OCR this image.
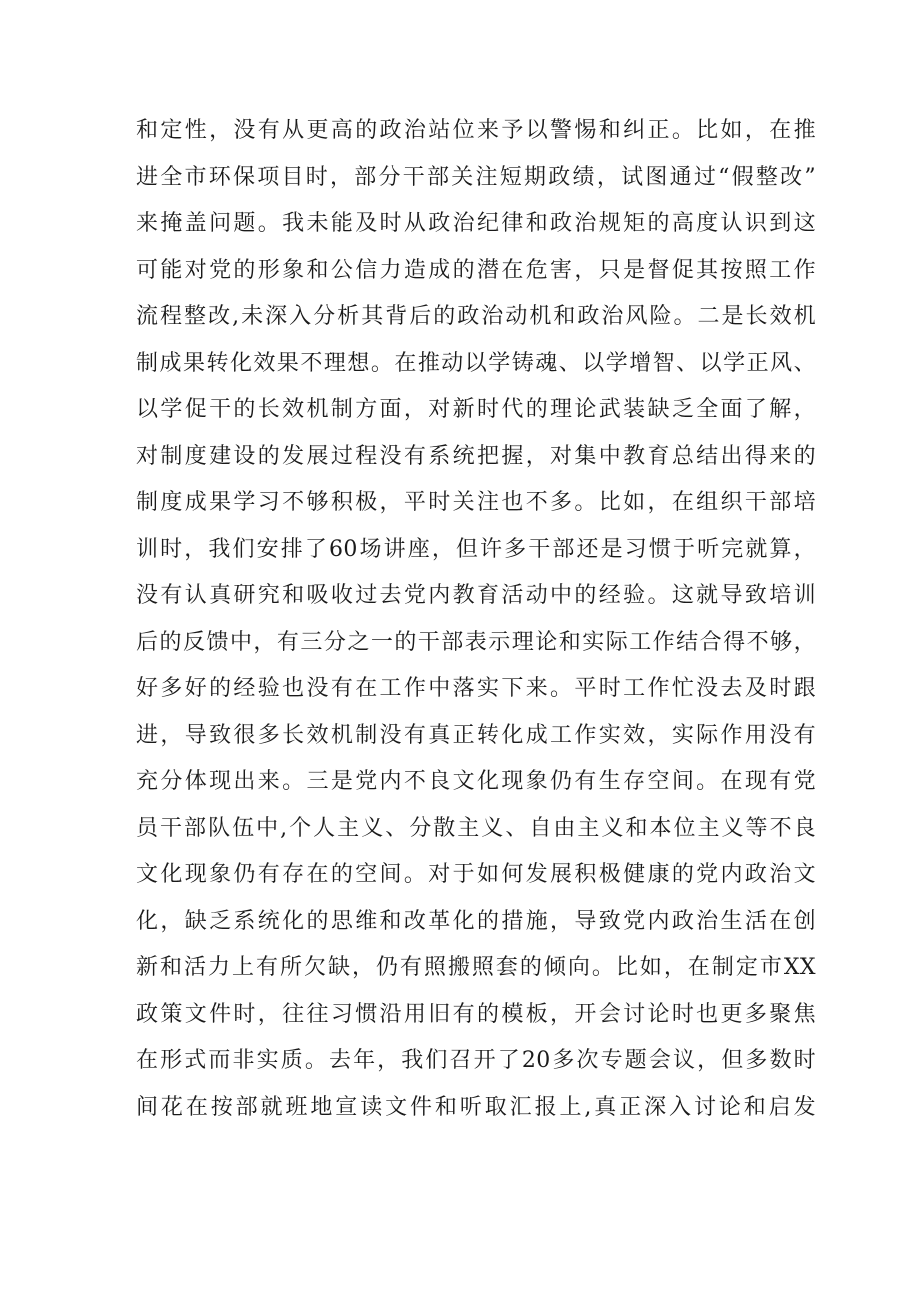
和定性，没有从更高的政治站位来予以警惕和纠正。比如，在推
进全市环保项目时，部分干部关注短期政绩，试图通过“假整改”
来掩盖问题。我未能及时从政治纪律和政治规矩的高度认识到这
可能对党的形象和公信力造成的潜在危害，只是督促其按照工作
流程整改,未深入分析其背后的政治动机和政治风险。二是长效机
制成果转化效果不理想。在推动以学铸魂、以学增智、以学正风、
以学促干的长效机制方面，对新时代的理论武装缺乏全面了解，
对制度建设的发展过程没有系统把握，对集中教育总结出得来的
制度成果学习不够积极，平时关注也不多。比如，在组织干部培
训时，我们安排了60场讲座，但许多干部还是习惯于听完就算，
没有认真研究和吸收过去党内教育活动中的经验。这就导致培训
后的反馈中，有三分之一的干部表示理论和实际工作结合得不够，
好多好的经验也没有在工作中落实下来。平时工作忙没去及时跟
进，导致很多长效机制没有真正转化成工作实效，实际作用没有
充分体现出来。三是党内不良文化现象仍有生存空间。在现有党
员干部队伍中,个人主义、分散主义、自由主义和本位主义等不良
文化现象仍有存在的空间。对于如何发展积极健康的党内政治文
化，缺乏系统化的思维和改革化的措施，导致党内政治生活在创
新和活力上有所欠缺，仍有照搬照套的倾向。比如，在制定市XX
政策文件时，往往习惯沿用旧有的模板，开会讨论时也更多聚焦
在形式而非实质。去年，我们召开了20多次专题会议，但多数时
间花在按部就班地宣读文件和听取汇报上,真正深入讨论和启发
